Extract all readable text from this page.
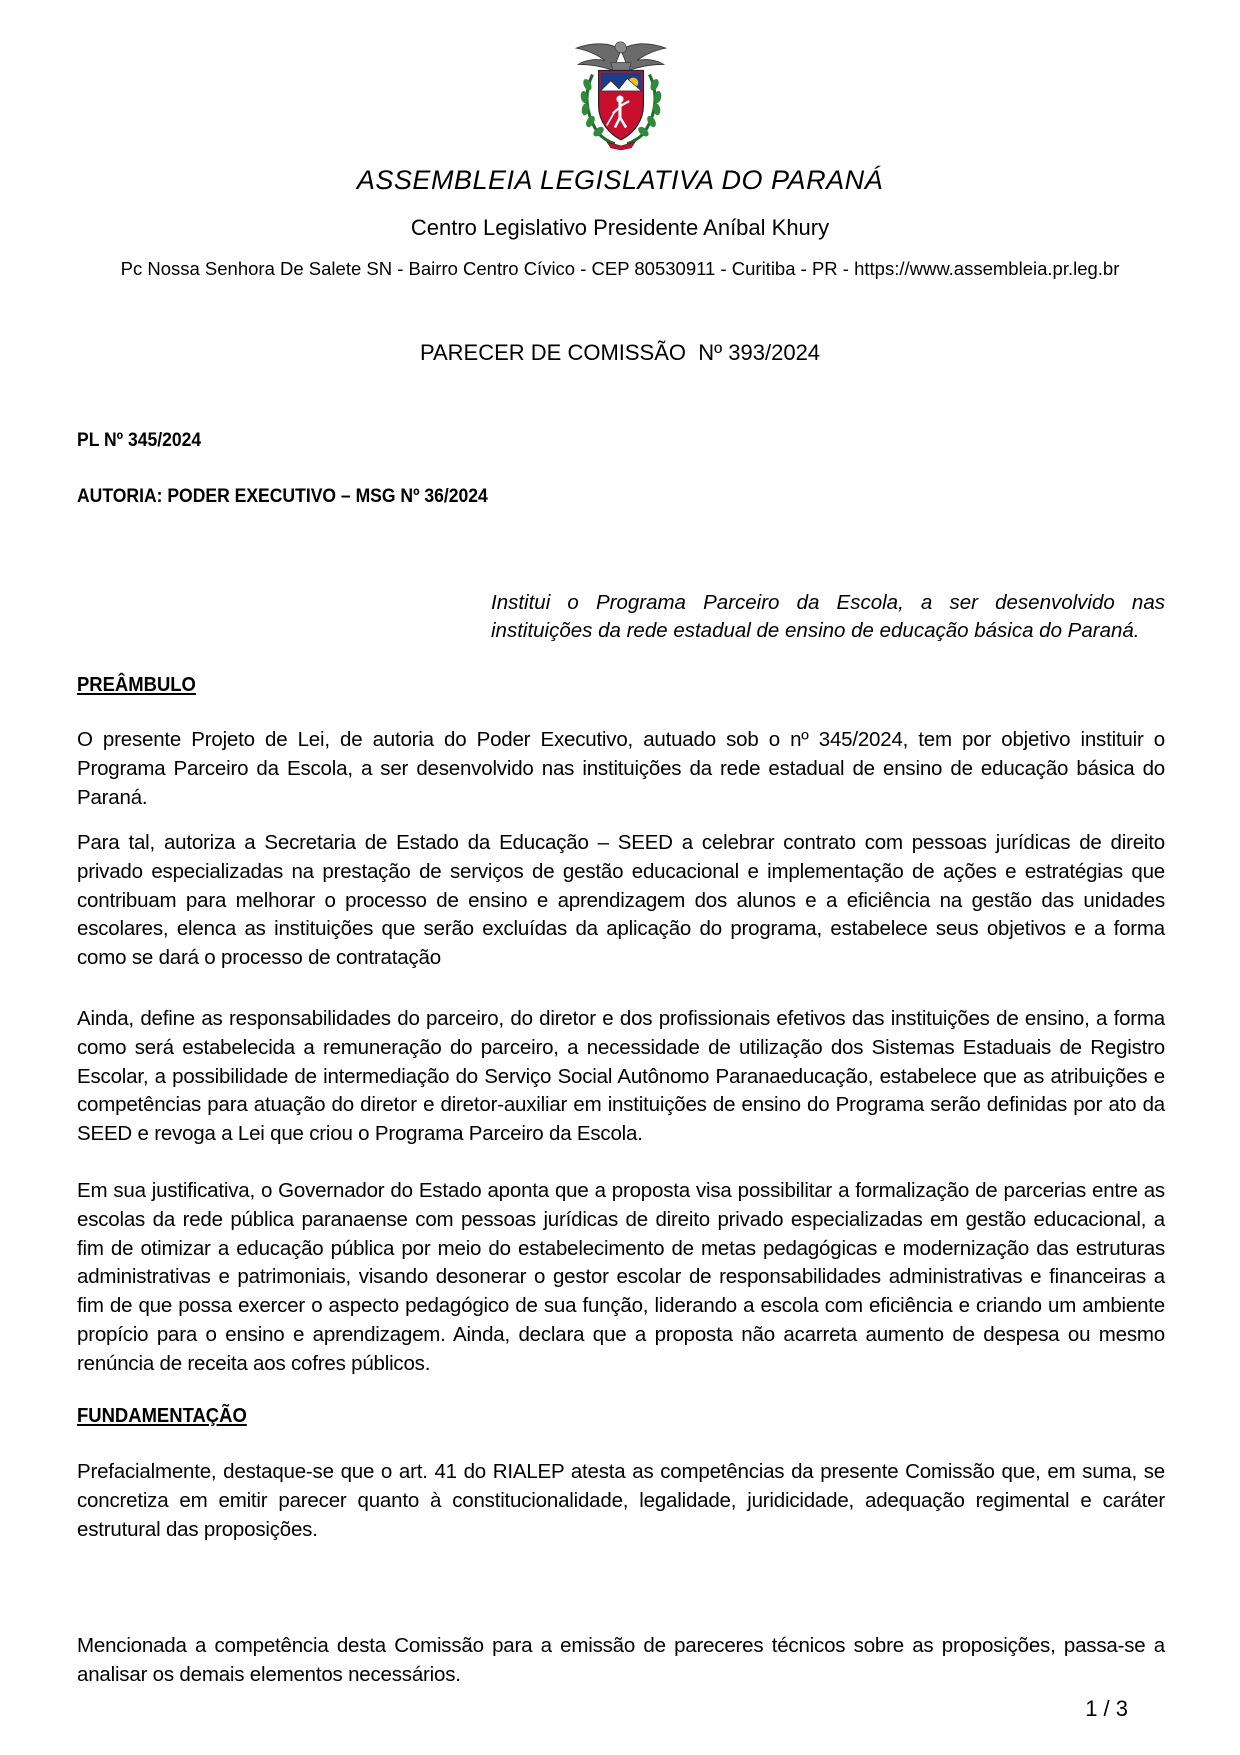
ASSEMBLEIA LEGISLATIVA DO PARANÁ
Centro Legislativo Presidente Aníbal Khury
Pc Nossa Senhora De Salete SN - Bairro Centro Cívico - CEP 80530911 - Curitiba - PR - https://www.assembleia.pr.leg.br
PARECER DE COMISSÃO  Nº 393/2024
PL Nº 345/2024
AUTORIA: PODER EXECUTIVO – MSG Nº 36/2024
Institui o Programa Parceiro da Escola, a ser desenvolvido nas instituições da rede estadual de ensino de educação básica do Paraná.
PREÂMBULO
O presente Projeto de Lei, de autoria do Poder Executivo, autuado sob o nº 345/2024, tem por objetivo instituir o Programa Parceiro da Escola, a ser desenvolvido nas instituições da rede estadual de ensino de educação básica do Paraná.
Para tal, autoriza a Secretaria de Estado da Educação – SEED a celebrar contrato com pessoas jurídicas de direito privado especializadas na prestação de serviços de gestão educacional e implementação de ações e estratégias que contribuam para melhorar o processo de ensino e aprendizagem dos alunos e a eficiência na gestão das unidades escolares, elenca as instituições que serão excluídas da aplicação do programa, estabelece seus objetivos e a forma como se dará o processo de contratação
Ainda, define as responsabilidades do parceiro, do diretor e dos profissionais efetivos das instituições de ensino, a forma como será estabelecida a remuneração do parceiro, a necessidade de utilização dos Sistemas Estaduais de Registro Escolar, a possibilidade de intermediação do Serviço Social Autônomo Paranaeducação, estabelece que as atribuições e competências para atuação do diretor e diretor-auxiliar em instituições de ensino do Programa serão definidas por ato da SEED e revoga a Lei que criou o Programa Parceiro da Escola.
Em sua justificativa, o Governador do Estado aponta que a proposta visa possibilitar a formalização de parcerias entre as escolas da rede pública paranaense com pessoas jurídicas de direito privado especializadas em gestão educacional, a fim de otimizar a educação pública por meio do estabelecimento de metas pedagógicas e modernização das estruturas administrativas e patrimoniais, visando desonerar o gestor escolar de responsabilidades administrativas e financeiras a fim de que possa exercer o aspecto pedagógico de sua função, liderando a escola com eficiência e criando um ambiente propício para o ensino e aprendizagem. Ainda, declara que a proposta não acarreta aumento de despesa ou mesmo renúncia de receita aos cofres públicos.
FUNDAMENTAÇÃO
Prefacialmente, destaque-se que o art. 41 do RIALEP atesta as competências da presente Comissão que, em suma, se concretiza em emitir parecer quanto à constitucionalidade, legalidade, juridicidade, adequação regimental e caráter estrutural das proposições.
Mencionada a competência desta Comissão para a emissão de pareceres técnicos sobre as proposições, passa-se a analisar os demais elementos necessários.
1 / 3
